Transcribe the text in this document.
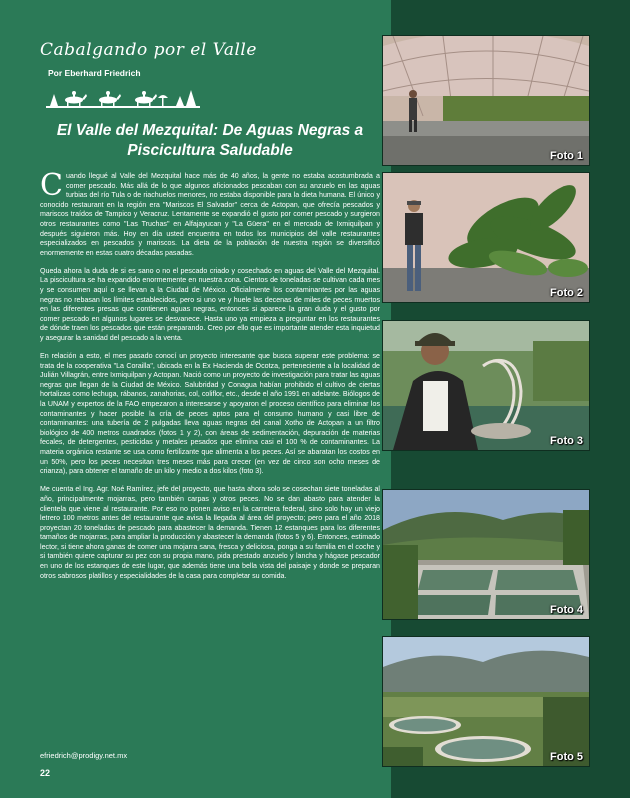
Cabalgando por el Valle
Por Eberhard Friedrich
El Valle del Mezquital: De Aguas Negras a
Piscicultura Saludable

Cuando llegué al Valle del Mezquital hace más de 40 años, la gente no estaba acostumbrada a comer pescado. Más allá de lo que algunos aficionados pescaban con su anzuelo en las aguas turbias del río Tula o de riachuelos menores, no estaba disponible para la dieta humana. El único y conocido restaurant en la región era "Mariscos El Salvador" cerca de Actopan, que ofrecía pescados y mariscos traídos de Tampico y Veracruz. Lentamente se expandió el gusto por comer pescado y surgieron otros restaurantes como "Las Truchas" en Alfajayucan y "La Güera" en el mercado de Ixmiquilpan y después siguieron más. Hoy en día usted encuentra en todos los municipios del valle restaurantes especializados en pescados y mariscos. La dieta de la población de nuestra región se diversificó enormemente en estas cuatro décadas pasadas.

Queda ahora la duda de si es sano o no el pescado criado y cosechado en aguas del Valle del Mezquital. La piscicultura se ha expandido enormemente en nuestra zona. Cientos de toneladas se cultivan cada mes y se consumen aquí o se llevan a la Ciudad de México. Oficialmente los contaminantes por las aguas negras no rebasan los límites establecidos, pero si uno ve y huele las decenas de miles de peces muertos en las diferentes presas que contienen aguas negras, entonces si aparece la gran duda y el gusto por comer pescado en algunos lugares se desvanece. Hasta uno ya empieza a preguntar en los restaurantes de dónde traen los pescados que están preparando. Creo por ello que es importante atender esta inquietud y asegurar la sanidad del pescado a la venta.

En relación a esto, el mes pasado conocí un proyecto interesante que busca superar este problema: se trata de la cooperativa "La Corailla", ubicada en la Ex Hacienda de Ocotza, perteneciente a la localidad de Julián Villagrán, entre Ixmiquilpan y Actopan. Nació como un proyecto de investigación para tratar las aguas negras que llegan de la Ciudad de México. Salubridad y Conagua habían prohibido el cultivo de ciertas hortalizas como lechuga, rábanos, zanahorias, col, coliflor, etc., desde el año 1991 en adelante. Biólogos de la UNAM y expertos de la FAO empezaron a interesarse y apoyaron el proceso científico para eliminar los contaminantes y hacer posible la cría de peces aptos para el consumo humano y casi libre de contaminantes: una tubería de 2 pulgadas lleva aguas negras del canal Xotho de Actopan a un filtro biológico de 400 metros cuadrados (fotos 1 y 2), con áreas de sedimentación, depuración de materias fecales, de detergentes, pesticidas y metales pesados que elimina casi el 100 % de contaminantes. La materia orgánica restante se usa como fertilizante que alimenta a los peces. Así se abaratan los costos en un 50%, pero los peces necesitan tres meses más para crecer (en vez de cinco son ocho meses de crianza), para obtener el tamaño de un kilo y medio a dos kilos (foto 3).

Me cuenta el Ing. Agr. Noé Ramírez, jefe del proyecto, que hasta ahora solo se cosechan siete toneladas al año, principalmente mojarras, pero también carpas y otros peces. No se dan abasto para atender la clientela que viene al restaurante. Por eso no ponen aviso en la carretera federal, sino solo hay un viejo letrero 100 metros antes del restaurante que avisa la llegada al área del proyecto; pero para el año 2018 proyectan 20 toneladas de pescado para abastecer la demanda. Tienen 12 estanques para los diferentes tamaños de mojarras, para ampliar la producción y abastecer la demanda (fotos 5 y 6). Entonces, estimado lector, si tiene ahora ganas de comer una mojarra sana, fresca y deliciosa, ponga a su familia en el coche y si también quiere capturar su pez con su propia mano, pida prestado anzuelo y lancha y hágase pescador en uno de los estanques de este lugar, que además tiene una bella vista del paisaje y donde se preparan otros sabrosos platillos y especialidades de la casa para completar su comida.

efriedrich@prodigy.net.mx
22
Foto 1
Foto 2
Foto 3
Foto 4
Foto 5
